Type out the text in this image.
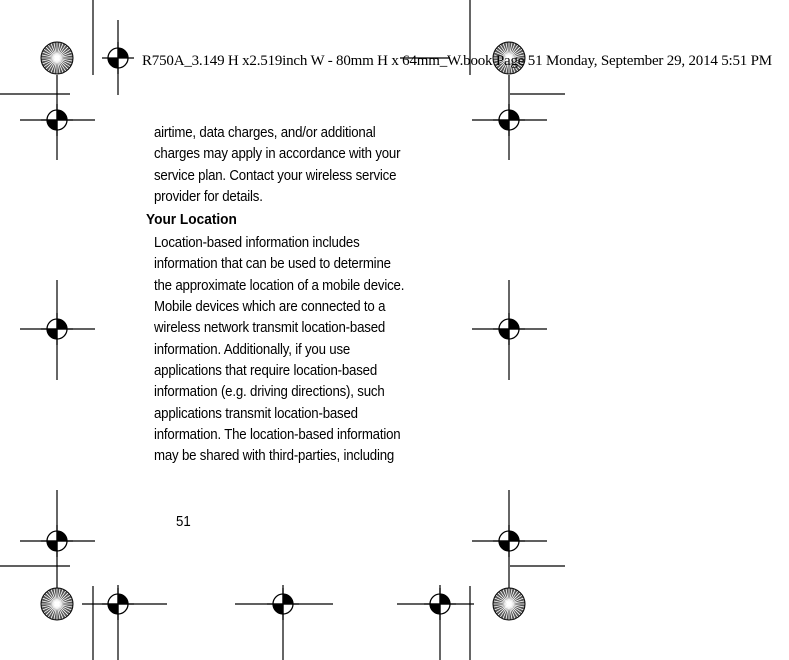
R750A_3.149 H x2.519inch W - 80mm H x 64mm_W.book Page 51 Monday, September 29, 2014 5:51 PM

airtime, data charges, and/or additional
charges may apply in accordance with your
service plan. Contact your wireless service
provider for details.

Your Location

Location-based information includes
information that can be used to determine
the approximate location of a mobile device.
Mobile devices which are connected to a
wireless network transmit location-based
information. Additionally, if you use
applications that require location-based
information (e.g. driving directions), such
applications transmit location-based
information. The location-based information
may be shared with third-parties, including

51
